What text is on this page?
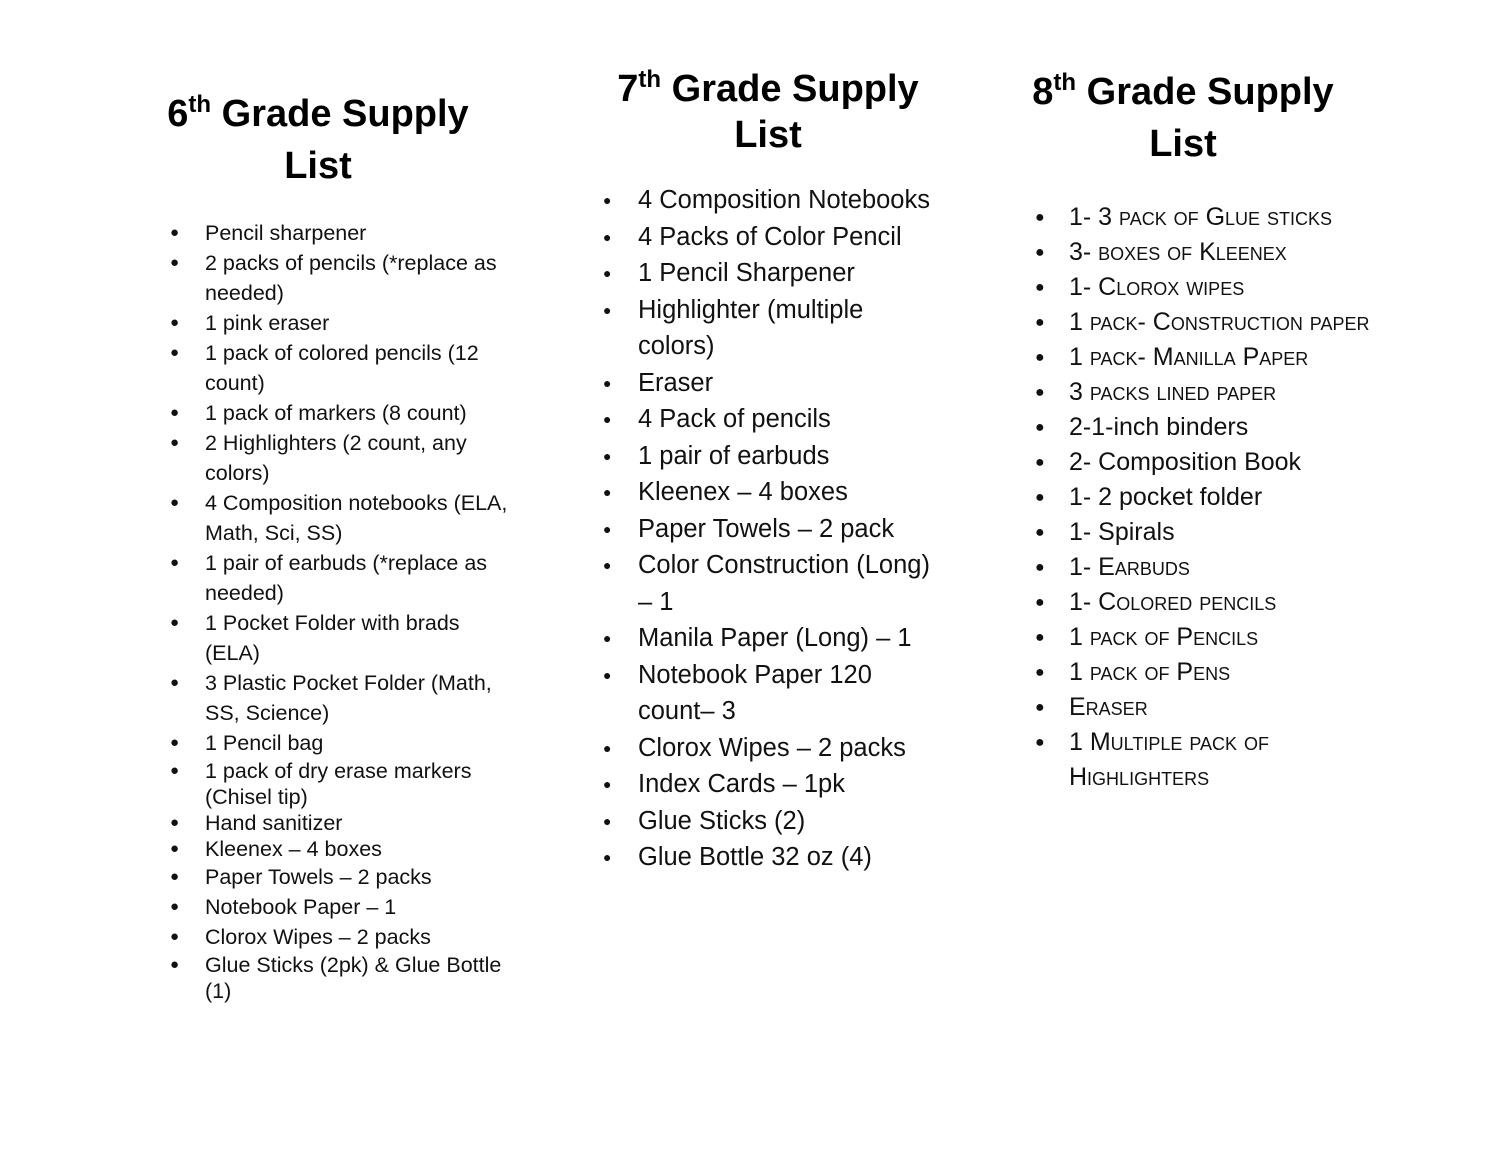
6th Grade Supply
List
● Pencil sharpener
● 2 packs of pencils (*replace as needed)
● 1 pink eraser
● 1 pack of colored pencils (12 count)
● 1 pack of markers (8 count)
● 2 Highlighters (2 count, any colors)
● 4 Composition notebooks (ELA, Math, Sci, SS)
● 1 pair of earbuds (*replace as needed)
● 1 Pocket Folder with brads (ELA)
● 3 Plastic Pocket Folder (Math, SS, Science)
● 1 Pencil bag
● 1 pack of dry erase markers (Chisel tip)
● Hand sanitizer
● Kleenex – 4 boxes
● Paper Towels – 2 packs
● Notebook Paper – 1
● Clorox Wipes – 2 packs
● Glue Sticks (2pk) & Glue Bottle (1)
7th Grade Supply
List
● 4 Composition Notebooks
● 4 Packs of Color Pencil
● 1 Pencil Sharpener
● Highlighter (multiple colors)
● Eraser
● 4 Pack of pencils
● 1 pair of earbuds
● Kleenex – 4 boxes
● Paper Towels – 2 pack
● Color Construction (Long) – 1
● Manila Paper (Long) – 1
● Notebook Paper 120 count– 3
● Clorox Wipes – 2 packs
● Index Cards – 1pk
● Glue Sticks (2)
● Glue Bottle 32 oz (4)
8th Grade Supply
List
● 1- 3 pack of Glue sticks
● 3- boxes of Kleenex
● 1- Clorox wipes
● 1 pack- Construction paper
● 1 pack- Manilla Paper
● 3 packs lined paper
● 2-1-inch binders
● 2- Composition Book
● 1- 2 pocket folder
● 1- Spirals
● 1- Earbuds
● 1- Colored pencils
● 1 pack of Pencils
● 1 pack of Pens
● Eraser
● 1 Multiple pack of Highlighters
